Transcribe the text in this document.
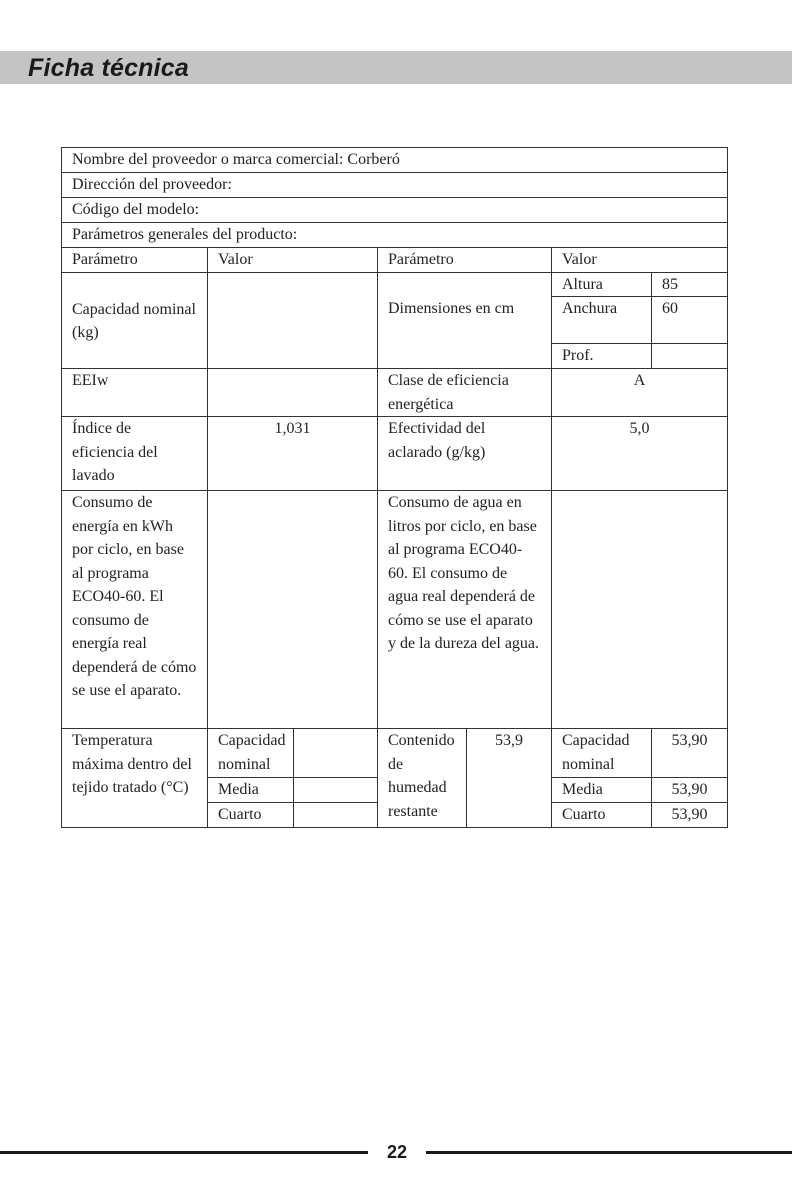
Ficha técnica
Nombre del proveedor o marca comercial: Corberó						
Dirección del proveedor:						
Código del modelo:						
Parámetros generales del producto:						
Parámetro	Valor		Parámetro		Valor	
Capacidad nominal (kg)			Dimensiones en cm		Altura	85
					Anchura	60
					Prof.	
EEIw			Clase de eficiencia energética		A	
Índice de eficiencia del lavado	1,031		Efectividad del aclarado (g/kg)		5,0	
Consumo de energía en kWh por ciclo, en base al programa ECO40-60. El consumo de energía real dependerá de cómo se use el aparato.			Consumo de agua en litros por ciclo, en base al programa ECO40-60. El consumo de agua real dependerá de cómo se use el aparato y de la dureza del agua.			
Temperatura máxima dentro del tejido tratado (°C)	Capacidad nominal		Contenido de humedad restante	53,9	Capacidad nominal	53,90
	Media				Media	53,90
	Cuarto				Cuarto	53,90
22
